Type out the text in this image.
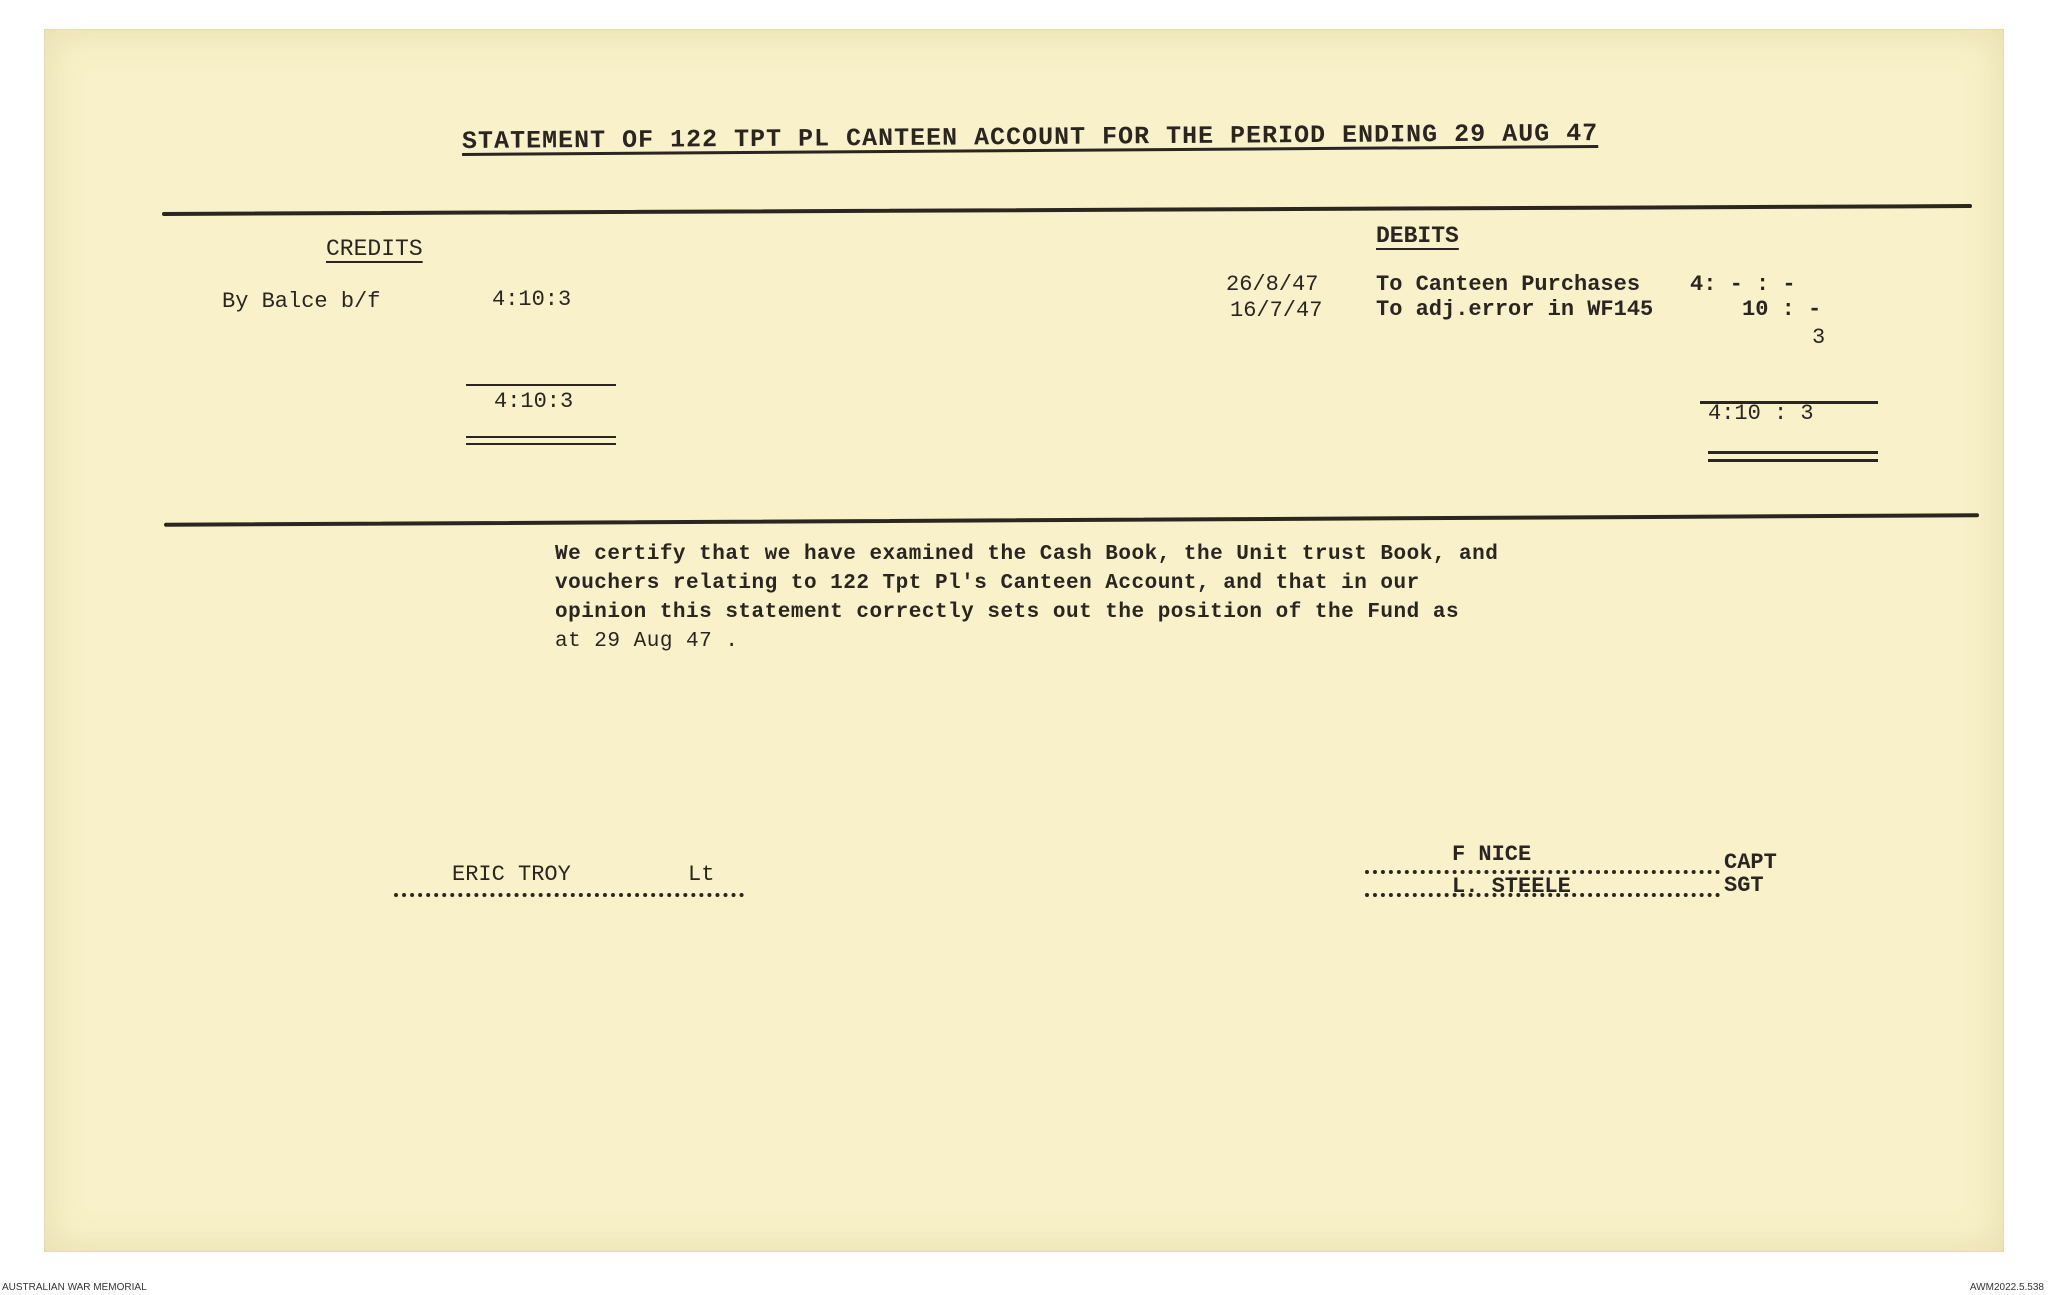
STATEMENT OF 122 TPT PL CANTEEN ACCOUNT FOR THE PERIOD ENDING 29 AUG 47
CREDITS
By Balce b/f	4:10:3
4:10:3
DEBITS
26/8/47	To Canteen Purchases 4: - : -
16/7/47 To adj.error in WF145	10 : -
3
4:10 : 3
We certify that we have examined the Cash Book, the Unit trust Book, and
vouchers relating to 122 Tpt Pl's Canteen Account, and that in our
opinion this statement correctly sets out the position of the Fund as
at 29 Aug 47 .
ERIC TROY	Lt
F NICE	CAPT
L. STEELE	SGT
AUSTRALIAN WAR MEMORIAL	AWM2022.5.538
